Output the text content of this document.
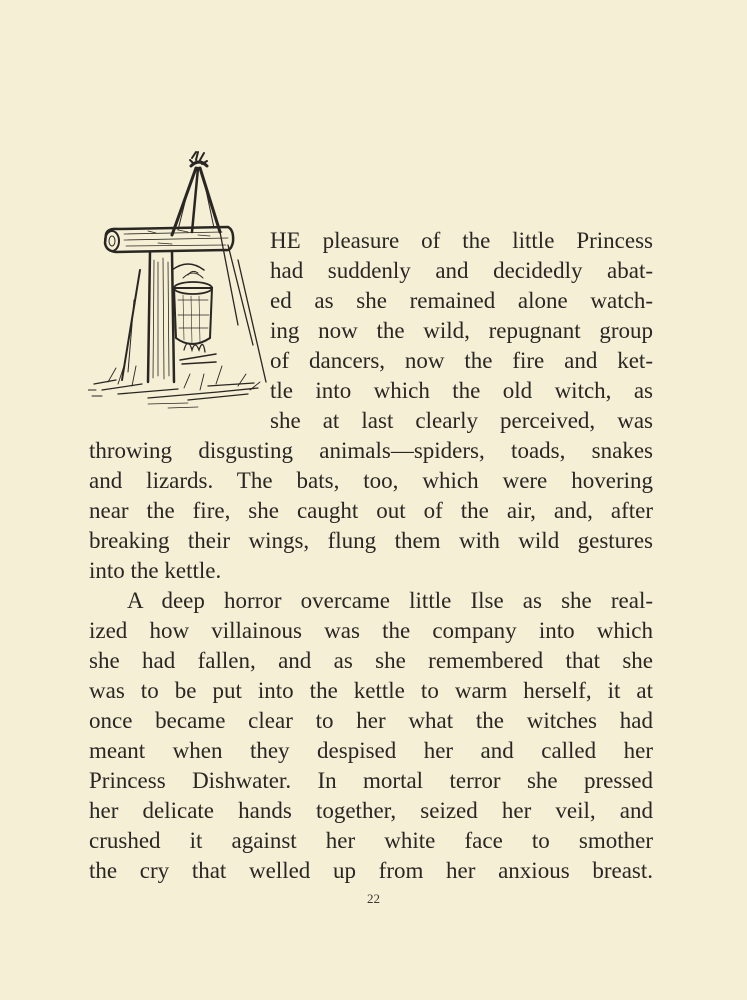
HE pleasure of the little Princess
had suddenly and decidedly abat-
ed as she remained alone watch-
ing now the wild, repugnant group
of dancers, now the fire and ket-
tle into which the old witch, as
she at last clearly perceived, was
throwing disgusting animals—spiders, toads, snakes
and lizards. The bats, too, which were hovering
near the fire, she caught out of the air, and, after
breaking their wings, flung them with wild gestures
into the kettle.
A deep horror overcame little Ilse as she real-
ized how villainous was the company into which
she had fallen, and as she remembered that she
was to be put into the kettle to warm herself, it at
once became clear to her what the witches had
meant when they despised her and called her
Princess Dishwater. In mortal terror she pressed
her delicate hands together, seized her veil, and
crushed it against her white face to smother
the cry that welled up from her anxious breast.
22
